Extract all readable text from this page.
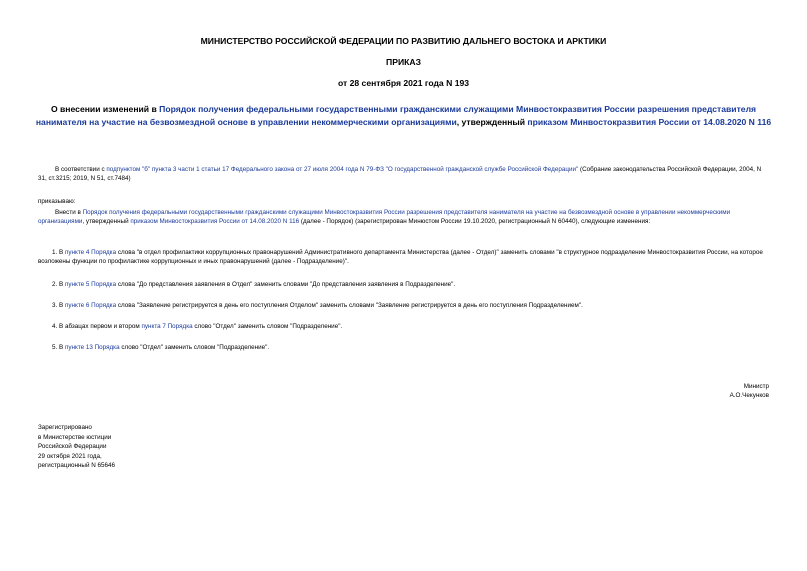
МИНИСТЕРСТВО РОССИЙСКОЙ ФЕДЕРАЦИИ ПО РАЗВИТИЮ ДАЛЬНЕГО ВОСТОКА И АРКТИКИ
ПРИКАЗ
от 28 сентября 2021 года N 193
О внесении изменений в Порядок получения федеральными государственными гражданскими служащими Минвостокразвития России разрешения представителя нанимателя на участие на безвозмездной основе в управлении некоммерческими организациями, утвержденный приказом Минвостокразвития России от 14.08.2020 N 116
В соответствии с подпунктом "б" пункта 3 части 1 статьи 17 Федерального закона от 27 июля 2004 года N 79-ФЗ "О государственной гражданской службе Российской Федерации" (Собрание законодательства Российской Федерации, 2004, N 31, ст.3215; 2019, N 51, ст.7484)
приказываю:
Внести в Порядок получения федеральными государственными гражданскими служащими Минвостокразвития России разрешения представителя нанимателя на участие на безвозмездной основе в управлении некоммерческими организациями, утвержденный приказом Минвостокразвития России от 14.08.2020 N 116 (далее - Порядок) (зарегистрирован Минюстом России 19.10.2020, регистрационный N 60440), следующие изменения:
1. В пункте 4 Порядка слова "в отдел профилактики коррупционных правонарушений Административного департамента Министерства (далее - Отдел)" заменить словами "в структурное подразделение Минвостокразвития России, на которое возложены функции по профилактике коррупционных и иных правонарушений (далее - Подразделение)".
2. В пункте 5 Порядка слова "До представления заявления в Отдел" заменить словами "До представления заявления в Подразделение".
3. В пункте 6 Порядка слова "Заявление регистрируется в день его поступления Отделом" заменить словами "Заявление регистрируется в день его поступления Подразделением".
4. В абзацах первом и втором пункта 7 Порядка слово "Отдел" заменить словом "Подразделение".
5. В пункте 13 Порядка слово "Отдел" заменить словом "Подразделение".
Министр
А.О.Чекунков
Зарегистрировано
в Министерстве юстиции
Российской Федерации
29 октября 2021 года,
регистрационный N 65646
